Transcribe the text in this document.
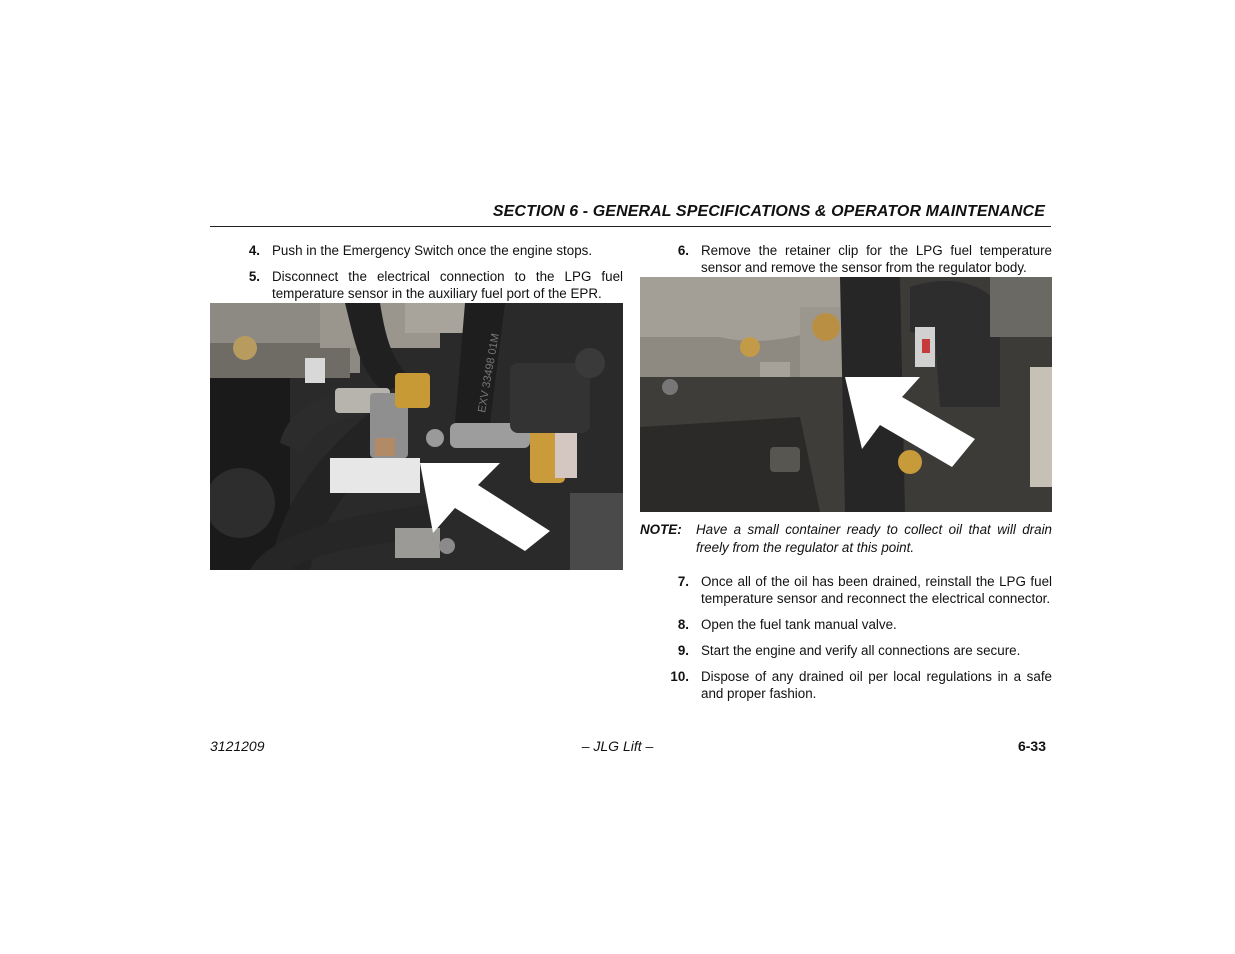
SECTION 6 - GENERAL SPECIFICATIONS & OPERATOR MAINTENANCE
4. Push in the Emergency Switch once the engine stops.
5. Disconnect the electrical connection to the LPG fuel temperature sensor in the auxiliary fuel port of the EPR.
EXV 33498 01M
6. Remove the retainer clip for the LPG fuel temperature sensor and remove the sensor from the regulator body.
NOTE: Have a small container ready to collect oil that will drain freely from the regulator at this point.
7. Once all of the oil has been drained, reinstall the LPG fuel temperature sensor and reconnect the electrical connector.
8. Open the fuel tank manual valve.
9. Start the engine and verify all connections are secure.
10. Dispose of any drained oil per local regulations in a safe and proper fashion.
3121209	– JLG Lift –	6-33
